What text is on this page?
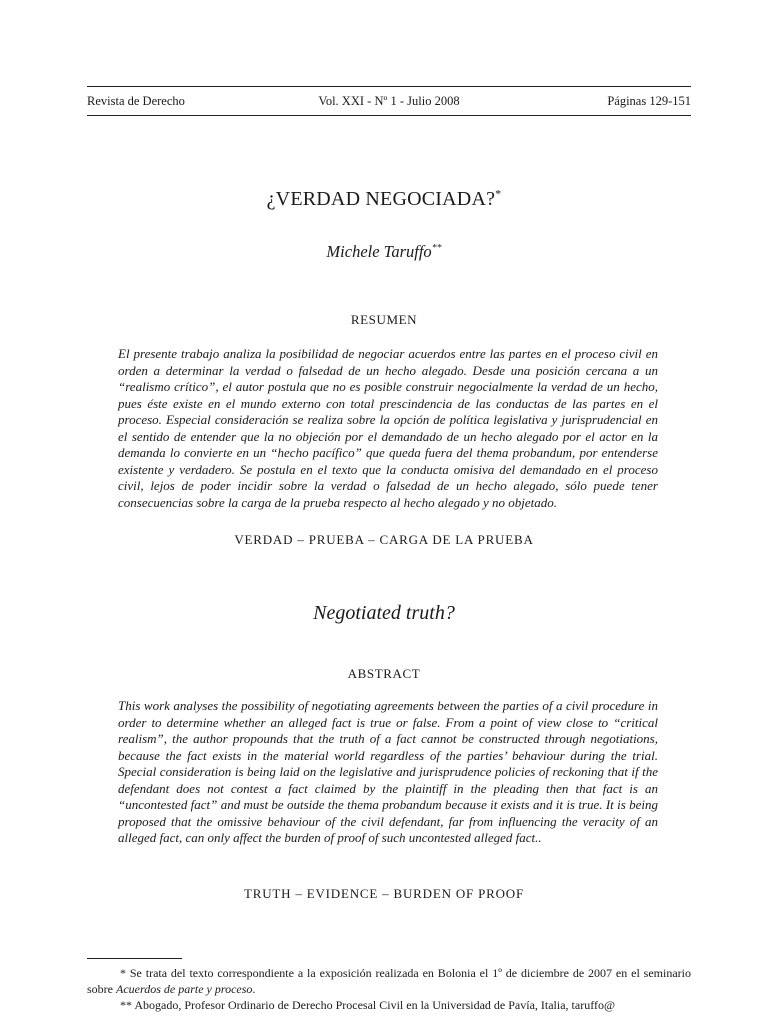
Revista de Derecho	Vol. XXI - Nº 1 - Julio 2008	Páginas 129-151
¿VERDAD NEGOCIADA?*
Michele Taruffo**
RESUMEN

El presente trabajo analiza la posibilidad de negociar acuerdos entre las partes en el proceso civil en orden a determinar la verdad o falsedad de un hecho alegado. Desde una posición cercana a un “realismo crítico”, el autor postula que no es posible construir negocialmente la verdad de un hecho, pues éste existe en el mundo externo con total prescindencia de las conductas de las partes en el proceso. Especial consideración se realiza sobre la opción de política legislativa y jurisprudencial en el sentido de entender que la no objeción por el demandado de un hecho alegado por el actor en la demanda lo convierte en un “hecho pacífico” que queda fuera del thema probandum, por entenderse existente y verdadero. Se postula en el texto que la conducta omisiva del demandado en el proceso civil, lejos de poder incidir sobre la verdad o falsedad de un hecho alegado, sólo puede tener consecuencias sobre la carga de la prueba respecto al hecho alegado y no objetado.

VERDAD – PRUEBA – CARGA DE LA PRUEBA
Negotiated truth?
ABSTRACT

This work analyses the possibility of negotiating agreements between the parties of a civil procedure in order to determine whether an alleged fact is true or false. From a point of view close to “critical realism”, the author propounds that the truth of a fact cannot be constructed through negotiations, because the fact exists in the material world regardless of the parties’ behaviour during the trial. Special consideration is being laid on the legislative and jurisprudence policies of reckoning that if the defendant does not contest a fact claimed by the plaintiff in the pleading then that fact is an “uncontested fact” and must be outside the thema probandum because it exists and it is true. It is being proposed that the omissive behaviour of the civil defendant, far from influencing the veracity of an alleged fact, can only affect the burden of proof of such uncontested alleged fact..

TRUTH – EVIDENCE – BURDEN OF PROOF

* Se trata del texto correspondiente a la exposición realizada en Bolonia el 1º de diciembre de 2007 en el seminario sobre Acuerdos de parte y proceso.

** Abogado, Profesor Ordinario de Derecho Procesal Civil en la Universidad de Pavía, Italia, taruffo@
